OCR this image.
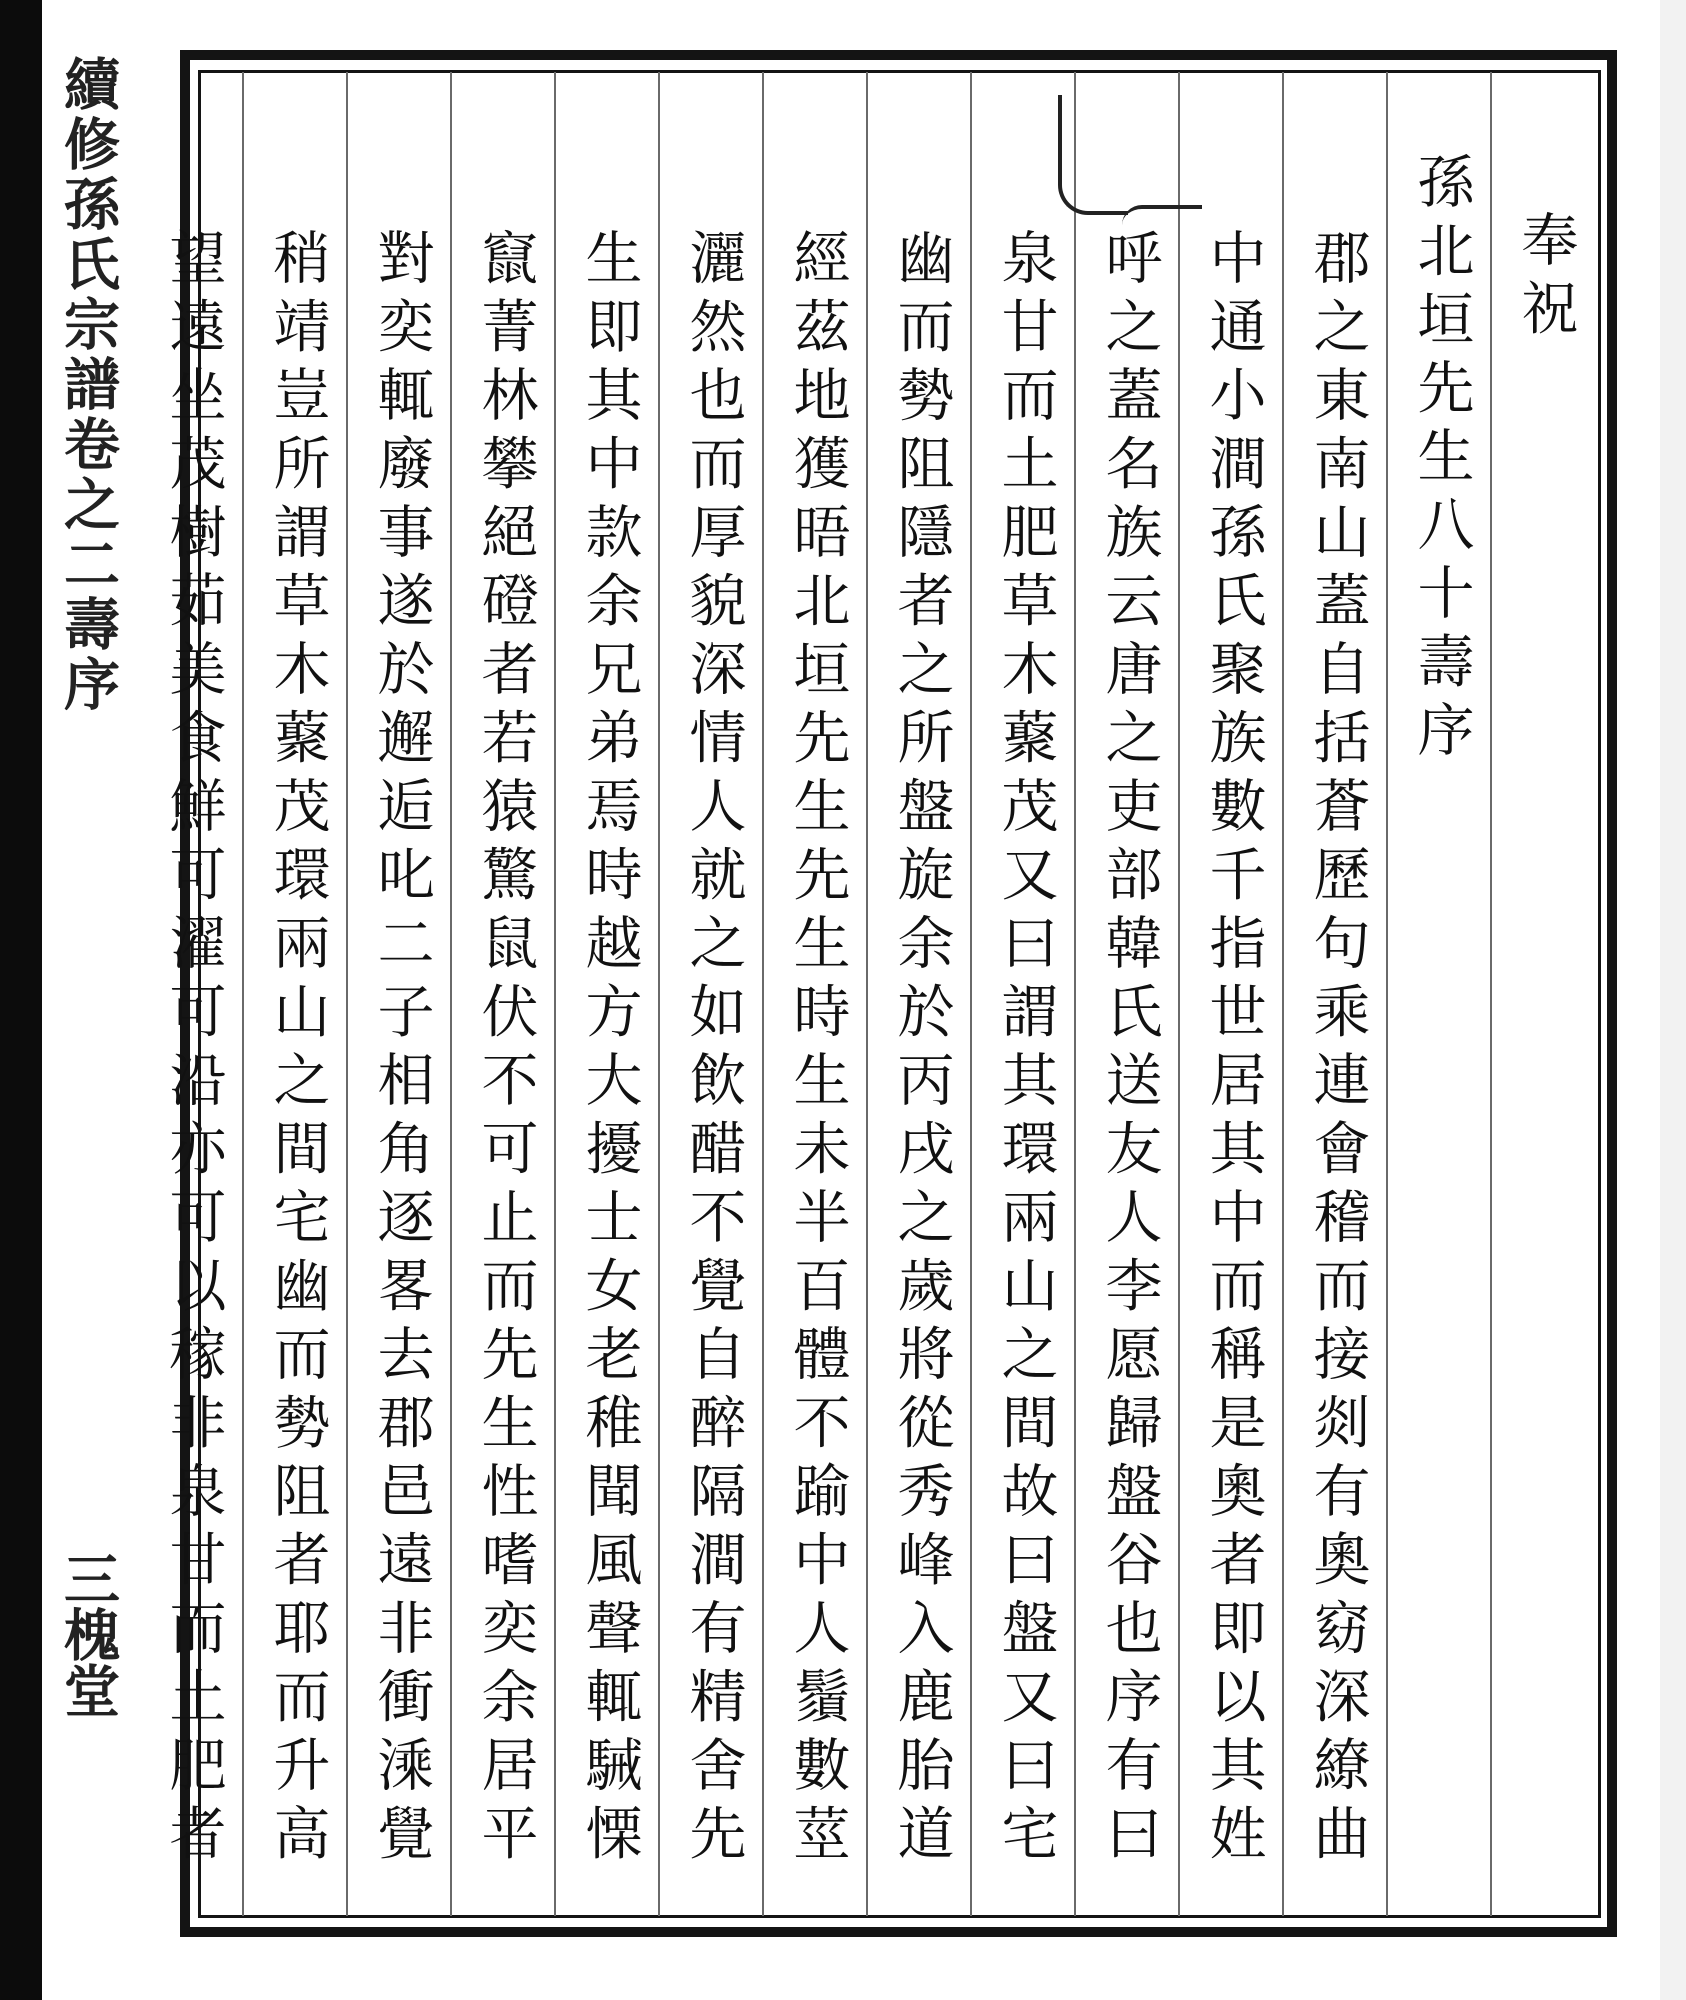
續修孫氏宗譜卷之二壽序
三槐堂
奉祝
孫北垣先生八十壽序
郡之東南山蓋自括蒼歷句乘連會稽而接剡有奧窈深繚曲
中通小澗孫氏聚族數千指世居其中而稱是奧者即以其姓
呼之蓋名族云唐之吏部韓氏送友人李愿歸盤谷也序有曰
泉甘而土肥草木藂茂又曰謂其環兩山之間故曰盤又曰宅
幽而勢阻隱者之所盤旋余於丙戌之歲將從秀峰入鹿胎道
經茲地獲晤北垣先生先生時生未半百體不踰中人鬚數莖
灑然也而厚貌深情人就之如飲醋不覺自醉隔澗有精舍先
生即其中款余兄弟焉時越方大擾士女老稚聞風聲輒駴慄
竄菁林攀絕磴者若猿驚鼠伏不可止而先生性嗜奕余居平
對奕輒廢事遂於邂逅叱二子相角逐畧去郡邑遠非衝溗覺
稍靖豈所謂草木藂茂環兩山之間宅幽而勢阻者耶而升高
望遠坐茂樹茹美食鮮可濯可沿亦可以稼非泉甘而土肥者
